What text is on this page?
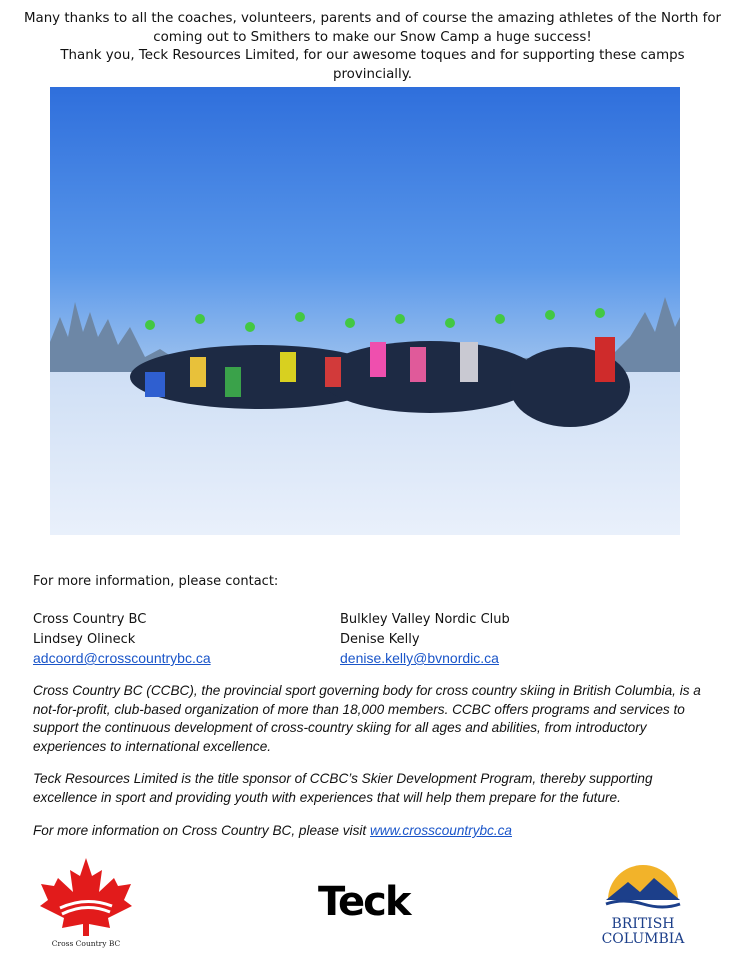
Many thanks to all the coaches, volunteers, parents and of course the amazing athletes of the North for coming out to Smithers to make our Snow Camp a huge success!

Thank you, Teck Resources Limited, for our awesome toques and for supporting these camps provincially.

For more information, please contact:
Cross Country BC
Lindsey Olineck
adcoord@crosscountrybc.ca
Bulkley Valley Nordic Club
Denise Kelly
denise.kelly@bvnordic.ca

Cross Country BC (CCBC), the provincial sport governing body for cross country skiing in British Columbia, is a not-for-profit, club-based organization of more than 18,000 members. CCBC offers programs and services to support the continuous development of cross-country skiing for all ages and abilities, from introductory experiences to international excellence.

Teck Resources Limited is the title sponsor of CCBC’s Skier Development Program, thereby supporting excellence in sport and providing youth with experiences that will help them prepare for the future.

For more information on Cross Country BC, please visit www.crosscountrybc.ca

Cross Country BC
Teck	BRITISH
COLUMBIA
